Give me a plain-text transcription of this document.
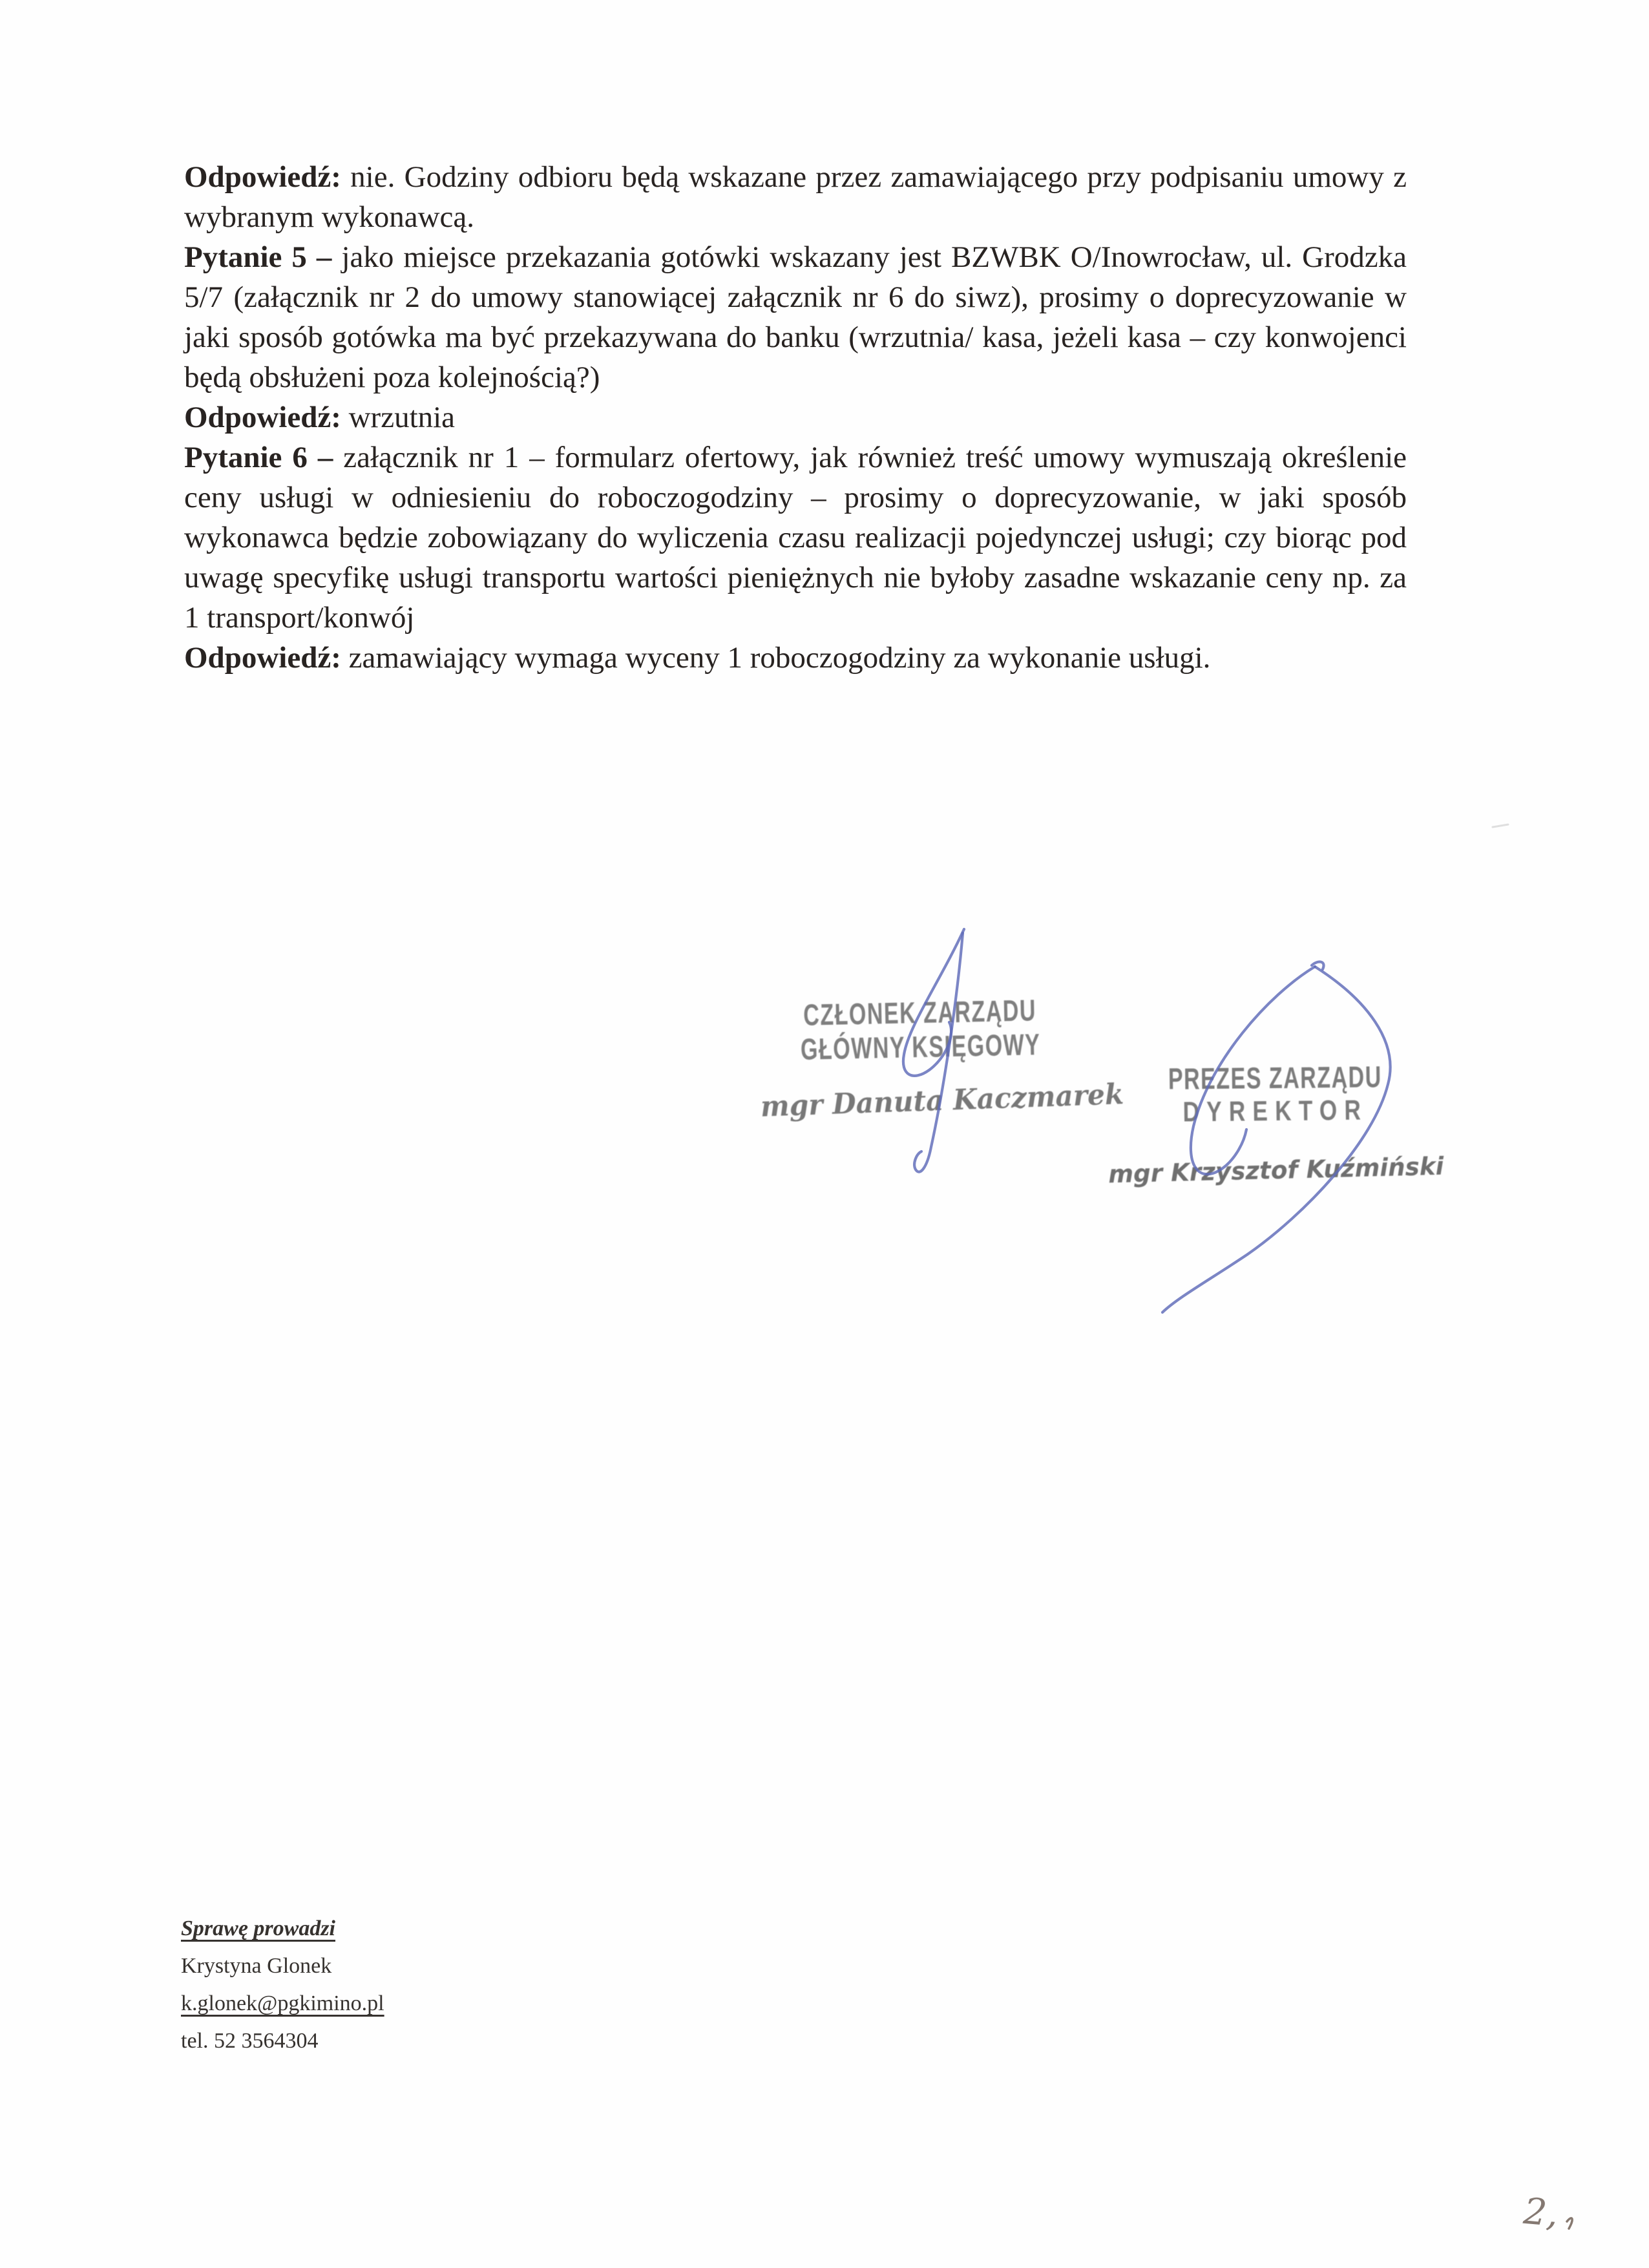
Odpowiedź: nie. Godziny odbioru będą wskazane przez zamawiającego przy podpisaniu umowy z wybranym wykonawcą.
Pytanie 5 – jako miejsce przekazania gotówki wskazany jest BZWBK O/Inowrocław, ul. Grodzka 5/7 (załącznik nr 2 do umowy stanowiącej załącznik nr 6 do siwz), prosimy o doprecyzowanie w jaki sposób gotówka ma być przekazywana do banku (wrzutnia/ kasa, jeżeli kasa – czy konwojenci będą obsłużeni poza kolejnością?)
Odpowiedź: wrzutnia
Pytanie 6 – załącznik nr 1 – formularz ofertowy, jak również treść umowy wymuszają określenie ceny usługi w odniesieniu do roboczogodziny – prosimy o doprecyzowanie, w jaki sposób wykonawca będzie zobowiązany do wyliczenia czasu realizacji pojedynczej usługi; czy biorąc pod uwagę specyfikę usługi transportu wartości pieniężnych nie byłoby zasadne wskazanie ceny np. za 1 transport/konwój
Odpowiedź: zamawiający wymaga wyceny 1 roboczogodziny za wykonanie usługi.
CZŁONEK ZARZĄDU
GŁÓWNY KSIĘGOWY
mgr Danuta Kaczmarek
PREZES ZARZĄDU
DYREKTOR
mgr Krzysztof Kuźmiński
Sprawę prowadzi
Krystyna Glonek
k.glonek@pgkimino.pl
tel. 52 3564304
2,
